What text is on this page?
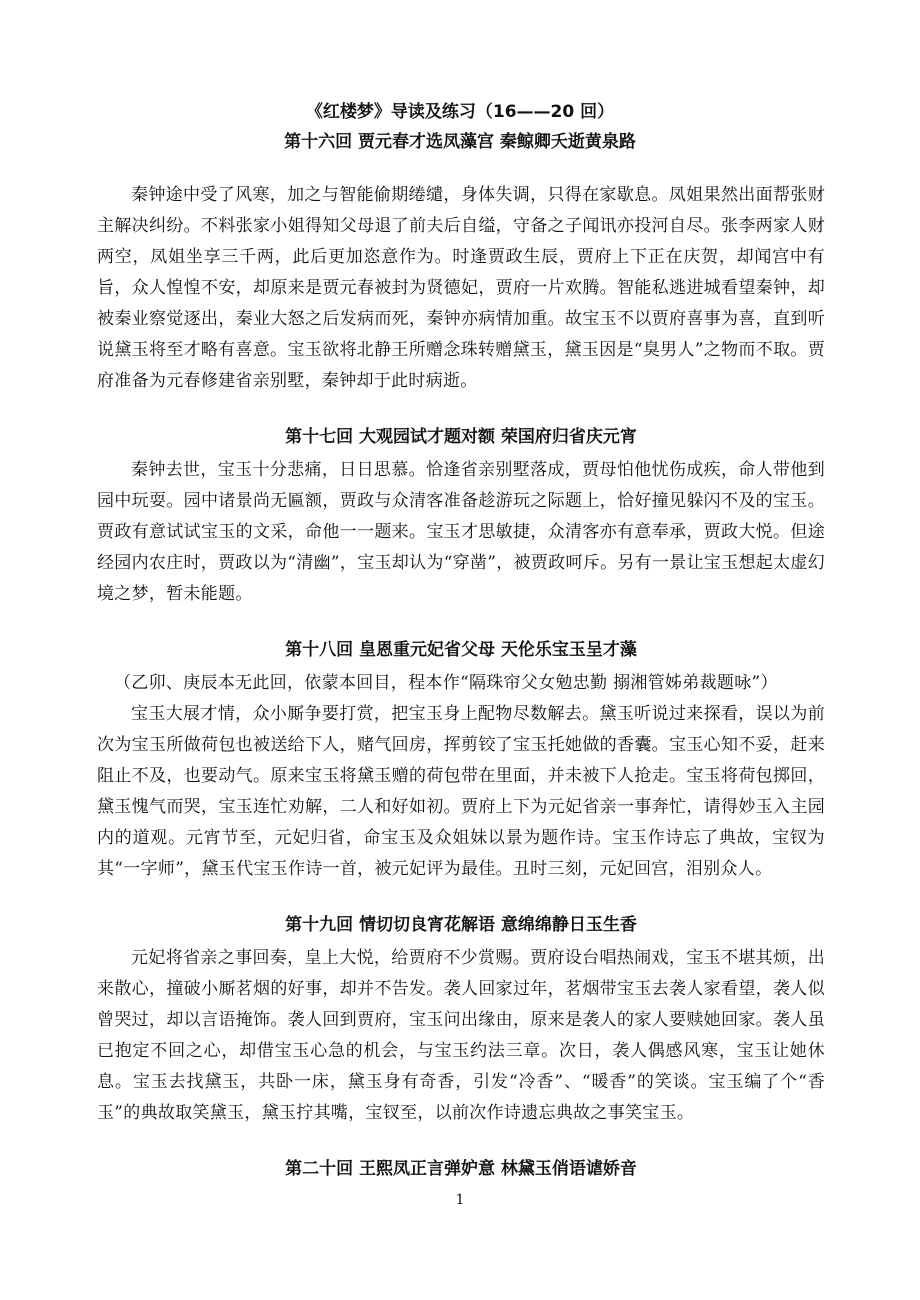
《红楼梦》导读及练习（16——20 回）
第十六回 贾元春才选凤藻宫 秦鲸卿夭逝黄泉路

秦钟途中受了风寒，加之与智能偷期绻缱，身体失调，只得在家歇息。凤姐果然出面帮张财主解决纠纷。不料张家小姐得知父母退了前夫后自缢，守备之子闻讯亦投河自尽。张李两家人财两空，凤姐坐享三千两，此后更加恣意作为。时逢贾政生辰，贾府上下正在庆贺，却闻宫中有旨，众人惶惶不安，却原来是贾元春被封为贤德妃，贾府一片欢腾。智能私逃进城看望秦钟，却被秦业察觉逐出，秦业大怒之后发病而死，秦钟亦病情加重。故宝玉不以贾府喜事为喜，直到听说黛玉将至才略有喜意。宝玉欲将北静王所赠念珠转赠黛玉，黛玉因是“臭男人”之物而不取。贾府准备为元春修建省亲别墅，秦钟却于此时病逝。

第十七回 大观园试才题对额 荣国府归省庆元宵

秦钟去世，宝玉十分悲痛，日日思慕。恰逢省亲别墅落成，贾母怕他忧伤成疾，命人带他到园中玩耍。园中诸景尚无匾额，贾政与众清客准备趁游玩之际题上，恰好撞见躲闪不及的宝玉。贾政有意试试宝玉的文采，命他一一题来。宝玉才思敏捷，众清客亦有意奉承，贾政大悦。但途经园内农庄时，贾政以为“清幽”，宝玉却认为“穿凿”，被贾政呵斥。另有一景让宝玉想起太虚幻境之梦，暂未能题。

第十八回 皇恩重元妃省父母 天伦乐宝玉呈才藻

（乙卯、庚辰本无此回，依蒙本回目，程本作“隔珠帘父女勉忠勤 搦湘管姊弟裁题咏”）

宝玉大展才情，众小厮争要打赏，把宝玉身上配物尽数解去。黛玉听说过来探看，误以为前次为宝玉所做荷包也被送给下人，赌气回房，挥剪铰了宝玉托她做的香囊。宝玉心知不妥，赶来阻止不及，也要动气。原来宝玉将黛玉赠的荷包带在里面，并未被下人抢走。宝玉将荷包掷回，黛玉愧气而哭，宝玉连忙劝解，二人和好如初。贾府上下为元妃省亲一事奔忙，请得妙玉入主园内的道观。元宵节至，元妃归省，命宝玉及众姐妹以景为题作诗。宝玉作诗忘了典故，宝钗为其“一字师”，黛玉代宝玉作诗一首，被元妃评为最佳。丑时三刻，元妃回宫，泪别众人。

第十九回 情切切良宵花解语 意绵绵静日玉生香

元妃将省亲之事回奏，皇上大悦，给贾府不少赏赐。贾府设台唱热闹戏，宝玉不堪其烦，出来散心，撞破小厮茗烟的好事，却并不告发。袭人回家过年，茗烟带宝玉去袭人家看望，袭人似曾哭过，却以言语掩饰。袭人回到贾府，宝玉问出缘由，原来是袭人的家人要赎她回家。袭人虽已抱定不回之心，却借宝玉心急的机会，与宝玉约法三章。次日，袭人偶感风寒，宝玉让她休息。宝玉去找黛玉，共卧一床，黛玉身有奇香，引发“冷香”、“暖香”的笑谈。宝玉编了个“香玉”的典故取笑黛玉，黛玉拧其嘴，宝钗至，以前次作诗遗忘典故之事笑宝玉。

第二十回 王熙凤正言弹妒意 林黛玉俏语谑娇音
1
